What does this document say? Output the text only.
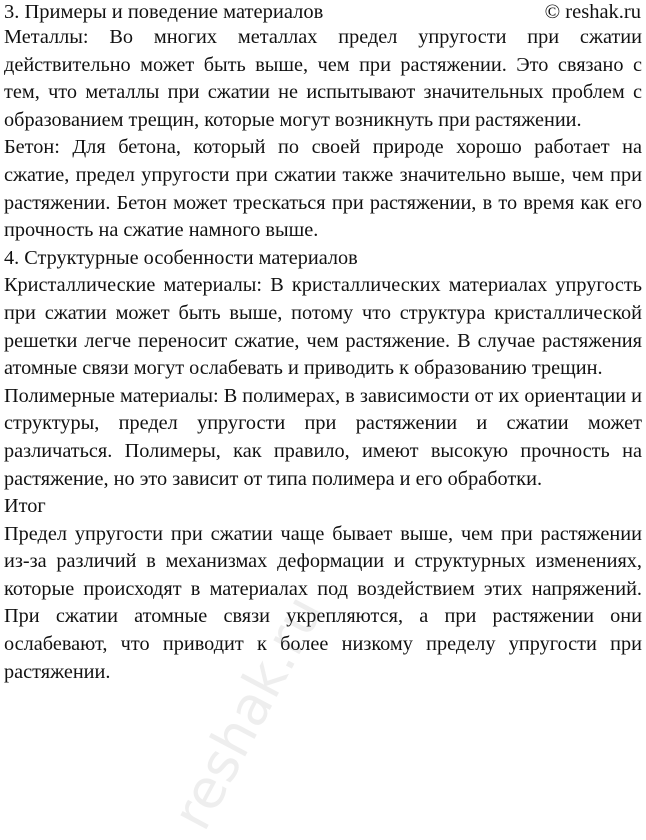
3. Примеры и поведение материалов	© reshak.ru

Металлы: Во многих металлах предел упругости при сжатии действительно может быть выше, чем при растяжении. Это связано с тем, что металлы при сжатии не испытывают значительных проблем с образованием трещин, которые могут возникнуть при растяжении.

Бетон: Для бетона, который по своей природе хорошо работает на сжатие, предел упругости при сжатии также значительно выше, чем при растяжении. Бетон может трескаться при растяжении, в то время как его прочность на сжатие намного выше.

4. Структурные особенности материалов

Кристаллические материалы: В кристаллических материалах упругость при сжатии может быть выше, потому что структура кристаллической решетки легче переносит сжатие, чем растяжение. В случае растяжения атомные связи могут ослабевать и приводить к образованию трещин.

Полимерные материалы: В полимерах, в зависимости от их ориентации и структуры, предел упругости при растяжении и сжатии может различаться. Полимеры, как правило, имеют высокую прочность на растяжение, но это зависит от типа полимера и его обработки.

Итог

Предел упругости при сжатии чаще бывает выше, чем при растяжении из-за различий в механизмах деформации и структурных изменениях, которые происходят в материалах под воздействием этих напряжений. При сжатии атомные связи укрепляются, а при растяжении они ослабевают, что приводит к более низкому пределу упругости при растяжении. reshak.ru
